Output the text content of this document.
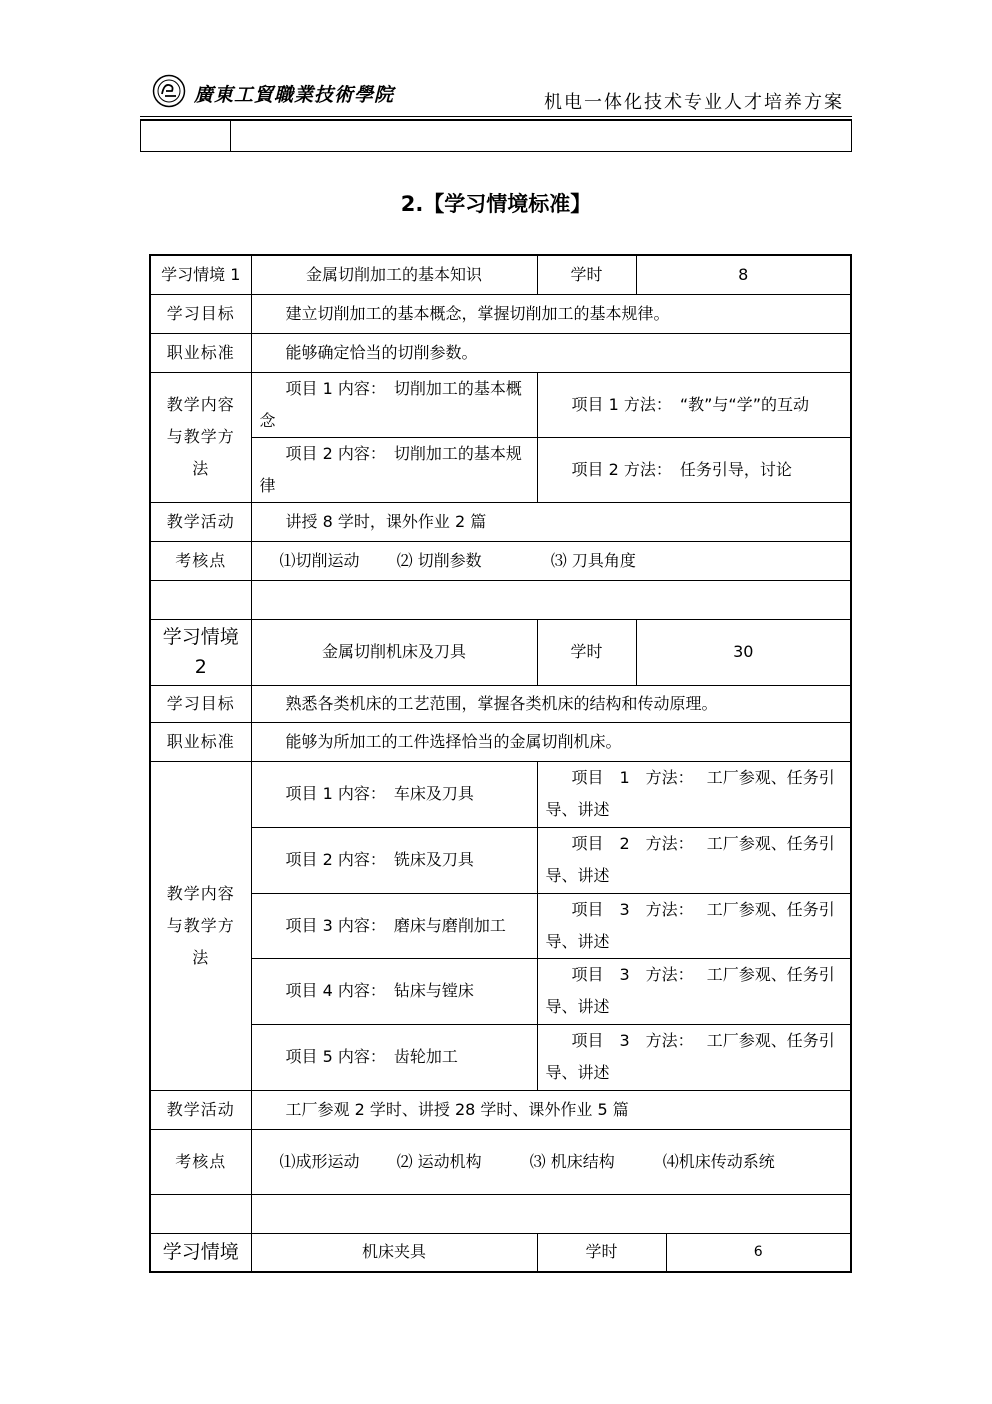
廣東工貿職業技術學院	机电一体化技术专业人才培养方案

2.【学习情境标准】
学习情境 1	金属切削加工的基本知识	学时	8	
学习目标	建立切削加工的基本概念，掌握切削加工的基本规律。			
职业标准	能够确定恰当的切削参数。			
教学内容与教学方法	项目 1 内容：　切削加工的基本概念	项目 1 方法：　“教”与“学”的互动		
	项目 2 内容：　切削加工的基本规律	项目 2 方法：　任务引导，讨论		
教学活动	讲授 8 学时，课外作业 2 篇			
考核点	⑴切削运动　　 ⑵ 切削参数　　　　 ⑶ 刀具角度			

学习情境 2	金属切削机床及刀具	学时	30	
学习目标	熟悉各类机床的工艺范围，掌握各类机床的结构和传动原理。			
职业标准	能够为所加工的工件选择恰当的金属切削机床。			
教学内容与教学方法	项目 1 内容：　车床及刀具	项目　1　方法：　 工厂参观、任务引导、讲述		
	项目 2 内容：　铣床及刀具	项目　2　方法：　 工厂参观、任务引导、讲述		
	项目 3 内容：　磨床与磨削加工	项目　3　方法：　 工厂参观、任务引导、讲述		
	项目 4 内容：　钻床与镗床	项目　3　方法：　 工厂参观、任务引导、讲述		
	项目 5 内容：　齿轮加工	项目　3　方法：　 工厂参观、任务引导、讲述		
教学活动	工厂参观 2 学时、讲授 28 学时、课外作业 5 篇			
考核点	⑴成形运动　　 ⑵ 运动机构　　　⑶ 机床结构　　　⑷机床传动系统			

学习情境	机床夹具	学时		6
